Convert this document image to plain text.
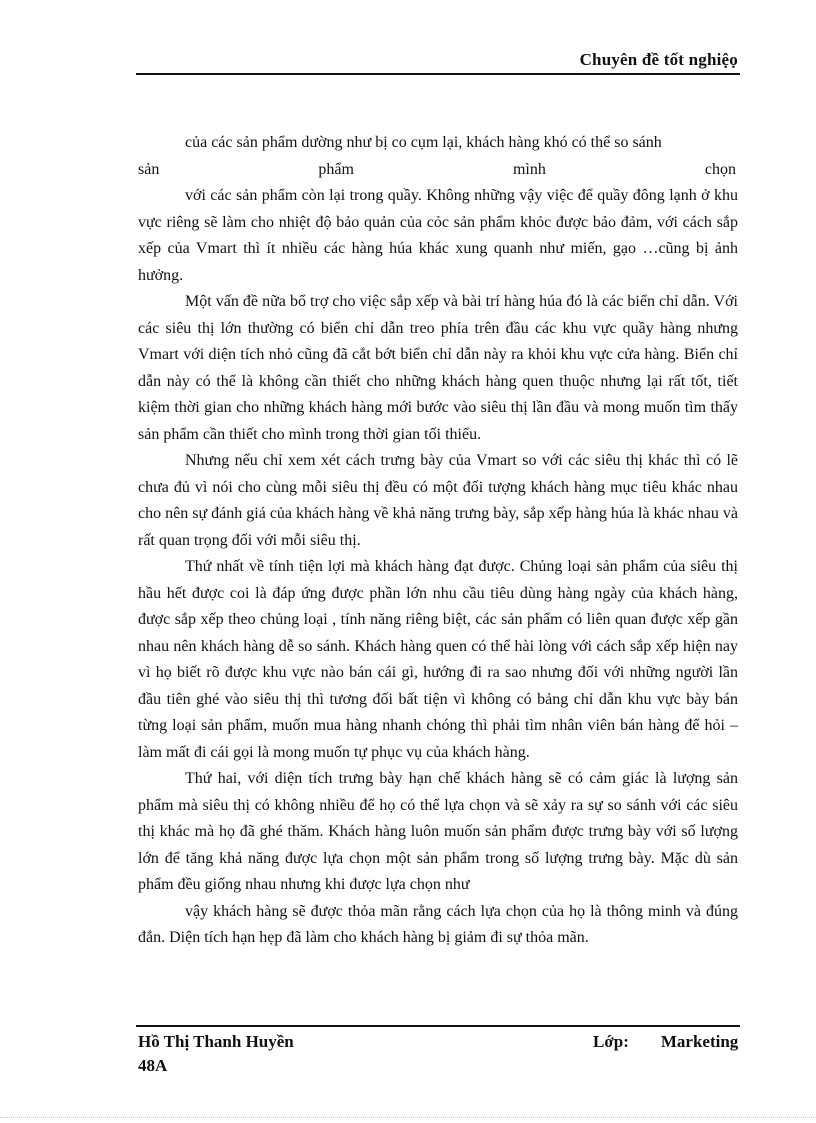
Chuyên đề tốt nghiệọ

của các sản phẩm dường như bị co cụm lại, khách hàng khó có thể so sánh

sản	phẩm	mình	chọn

với các sản phẩm còn lại trong quầy. Không những vậy việc để quầy đông lạnh ở khu vực riêng sẽ làm cho nhiệt độ bảo quản của cỏc sản phẩm khỏc được bảo đảm, với cách sắp xếp của Vmart thì ít nhiều các hàng húa khác xung quanh như miến, gạo …cũng bị ảnh hưởng.

Một vấn đề nữa bổ trợ cho việc sắp xếp và bài trí hàng húa đó là các biển chỉ dẫn. Với các siêu thị lớn thường có biển chỉ dẫn treo phía trên đầu các khu vực quầy hàng nhưng Vmart với diện tích nhỏ cũng đã cắt bớt biển chỉ dẫn này ra khỏi khu vực cửa hàng. Biển chỉ dẫn này có thể là không cần thiết cho những khách hàng quen thuộc nhưng lại rất tốt, tiết kiệm thời gian cho những khách hàng mới bước vào siêu thị lần đầu và mong muốn tìm thấy sản phẩm cần thiết cho mình trong thời gian tối thiểu.

Nhưng nếu chỉ xem xét cách trưng bày của Vmart so với các siêu thị khác thì có lẽ chưa đủ vì nói cho cùng mỗi siêu thị đều có một đối tượng khách hàng mục tiêu khác nhau cho nên sự đánh giá của khách hàng về khả năng trưng bày, sắp xếp hàng húa là khác nhau và rất quan trọng đối với mỗi siêu thị.

Thứ nhất về tính tiện lợi mà khách hàng đạt được. Chủng loại sản phẩm của siêu thị hầu hết được coi là đáp ứng được phần lớn nhu cầu tiêu dùng hàng ngày của khách hàng, được sắp xếp theo chủng loại , tính năng riêng biệt, các sản phẩm có liên quan được xếp gần nhau nên khách hàng dễ so sánh. Khách hàng quen có thể hài lòng với cách sắp xếp hiện nay vì họ biết rõ được khu vực nào bán cái gì, hướng đi ra sao nhưng đối với những người lần đầu tiên ghé vào siêu thị thì tương đối bất tiện vì không có bảng chỉ dẫn khu vực bày bán từng loại sản phẩm, muốn mua hàng nhanh chóng thì phải tìm nhân viên bán hàng để hỏi – làm mất đi cái gọi là mong muốn tự phục vụ của khách hàng.

Thứ hai, với diện tích trưng bày hạn chế khách hàng sẽ có cảm giác là lượng sản phẩm mà siêu thị có không nhiều để họ có thể lựa chọn và sẽ xảy ra sự so sánh với các siêu thị khác mà họ đã ghé thăm. Khách hàng luôn muốn sản phẩm được trưng bày với số lượng lớn để tăng khả năng được lựa chọn một sản phẩm trong số lượng trưng bày. Mặc dù sản phẩm đều giống nhau nhưng khi được lựa chọn như

vậy khách hàng sẽ được thỏa mãn rằng cách lựa chọn của họ là thông minh và đúng đắn. Diện tích hạn hẹp đã làm cho khách hàng bị giảm đi sự thỏa mãn.

Hồ Thị Thanh Huyền	Lớp: Marketing
48A
